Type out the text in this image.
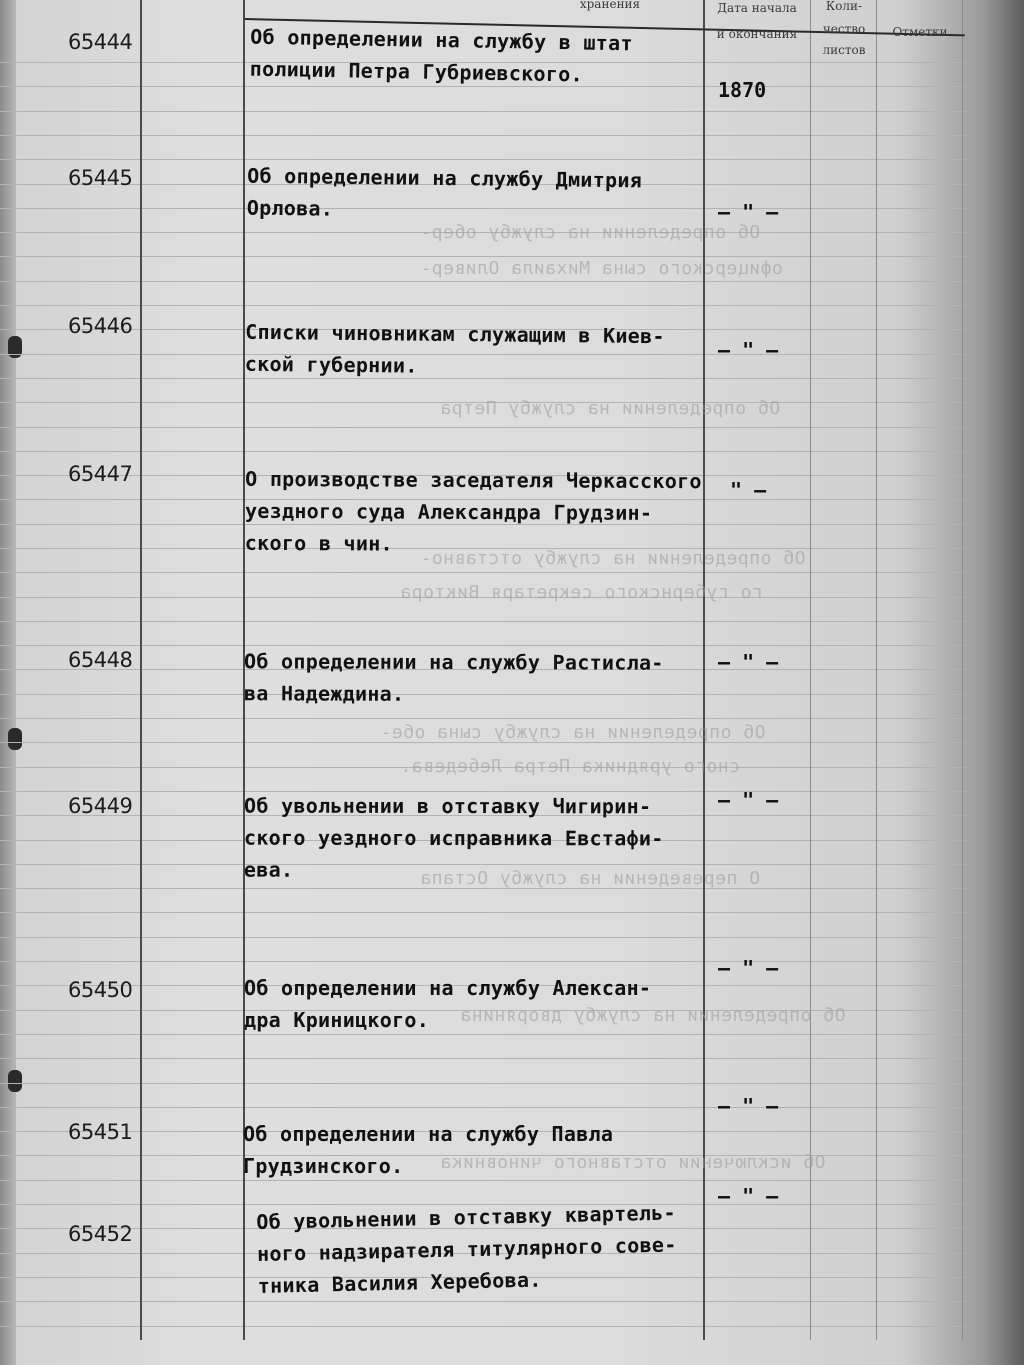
хранения	Дата начала
и окончания
Коли-
чество
листов
Отметки
Об определении на службу обер-
офицерского сына Михаила Оливер-
Об определении на службу Петра
Об определении на службу отставно-
го губернского секретаря Виктора
Об определении на службу сына обе-
сного урядника Петра Лебедева.
О переведении на службу Остапа
Об определении на службу дворянина
Об исключении отставного чиновника
65444	Об определении на службу в штат
полиции Петра Губриевского.
1870
65445	Об определении на службу Дмитрия
Орлова.	– " –
65446	Списки чиновникам служащим в Киев-
ской губернии.
– " –
65447	О производстве заседателя Черкасского
уездного суда Александра Грудзин-
ского в чин.
" –
65448	Об определении на службу Растисла-
ва Надеждина.
– " –
65449	Об увольнении в отставку Чигирин-
ского уездного исправника Евстафи-
ева.
– " –
65450	Об определении на службу Алексан-
дра Криницкого.
– " –
65451	Об определении на службу Павла
Грудзинского.
– " –
65452
Об увольнении в отставку квартель-
ного надзирателя титулярного сове-
тника Василия Херебова.
– " –
